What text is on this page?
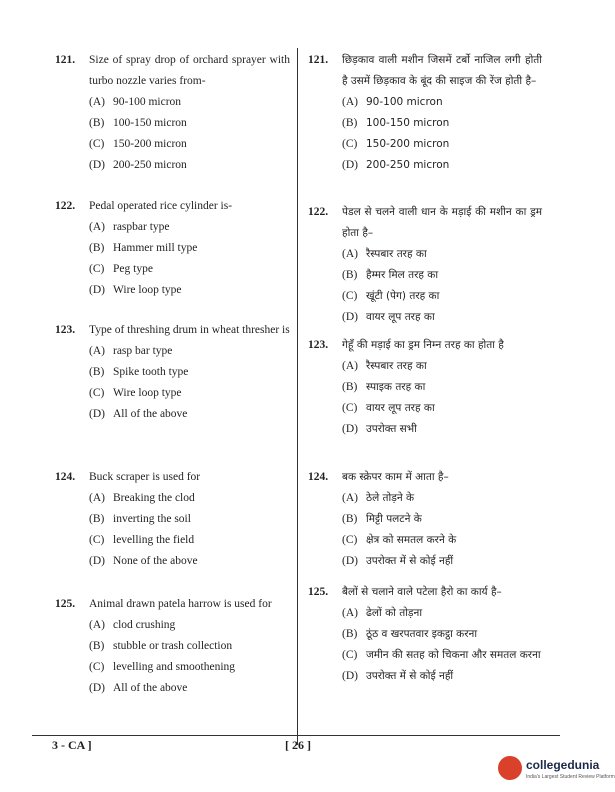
121.	Size of spray drop of orchard sprayer with turbo nozzle varies from-
(A) 90-100 micron
(B) 100-150 micron
(C) 150-200 micron
(D) 200-250 micron
122.	Pedal operated rice cylinder is-
(A) raspbar type
(B) Hammer mill type
(C) Peg type
(D) Wire loop type
123.	Type of threshing drum in wheat thresher is
(A) rasp bar type
(B) Spike tooth type
(C) Wire loop type
(D) All of the above
124.	Buck scraper is used for
(A) Breaking the clod
(B) inverting the soil
(C) levelling the field
(D) None of the above
125.	Animal drawn patela harrow is used for
(A) clod crushing
(B) stubble or trash collection
(C) levelling and smoothening
(D) All of the above
121.	छिड़काव वाली मशीन जिसमें टर्बो नाजिल लगी होती है उसमें छिड़काव के बूंद की साइज की रेंज होती है–
(A) 90-100 micron
(B) 100-150 micron
(C) 150-200 micron
(D) 200-250 micron
122.	पेडल से चलने वाली धान के मड़ाई की मशीन का ड्रम होता है–
(A) रैस्पबार तरह का
(B) हैम्मर मिल तरह का
(C) खूंटी (पेग) तरह का
(D) वायर लूप तरह का
123.	गेहूँ की मड़ाई का ड्रम निम्न तरह का होता है
(A) रैस्पबार तरह का
(B) स्पाइक तरह का
(C) वायर लूप तरह का
(D) उपरोक्त सभी
124.	बक स्क्रेपर काम में आता है–
(A) ठेले तोड़ने के
(B) मिट्टी पलटने के
(C) क्षेत्र को समतल करने के
(D) उपरोक्त में से कोई नहीं
125.	बैलों से चलाने वाले पटेला हैरो का कार्य है–
(A) ढेलों को तोड़ना
(B) ठूंठ व खरपतवार इकट्ठा करना
(C) जमीन की सतह को चिकना और समतल करना
(D) उपरोक्त में से कोई नहीं
3 - CA ]	[ 26 ]
collegedunia
India's Largest Student Review Platform
